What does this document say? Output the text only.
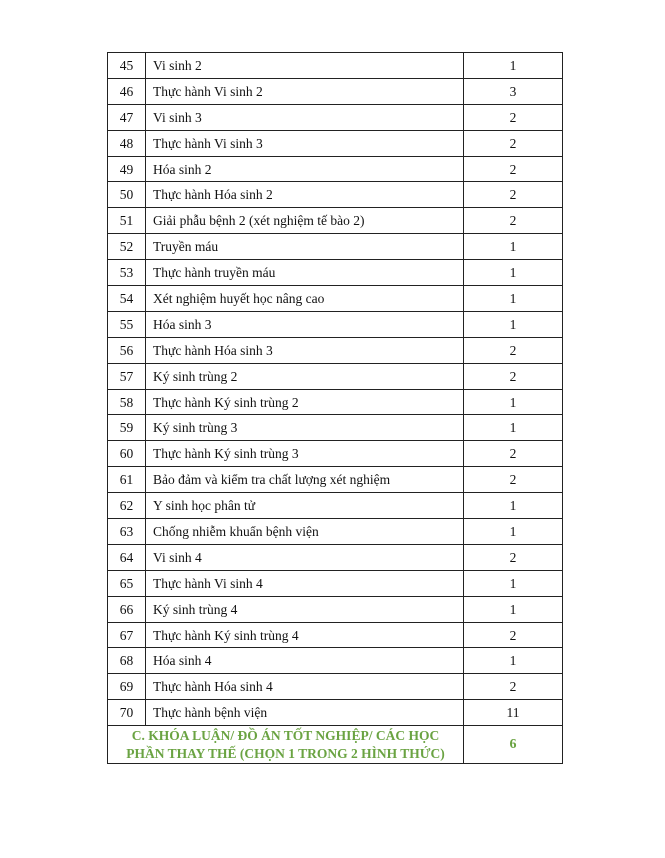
45	Vi sinh 2	1
46	Thực hành Vi sinh 2	3
47	Vi sinh 3	2
48	Thực hành Vi sinh 3	2
49	Hóa sinh 2	2
50	Thực hành Hóa sinh 2	2
51	Giải phẫu bệnh 2 (xét nghiệm tế bào 2)	2
52	Truyền máu	1
53	Thực hành truyền máu	1
54	Xét nghiệm huyết học nâng cao	1
55	Hóa sinh 3	1
56	Thực hành Hóa sinh 3	2
57	Ký sinh trùng 2	2
58	Thực hành Ký sinh trùng 2	1
59	Ký sinh trùng 3	1
60	Thực hành Ký sinh trùng 3	2
61	Bảo đảm và kiểm tra chất lượng xét nghiệm	2
62	Y sinh học phân tử	1
63	Chống nhiễm khuẩn bệnh viện	1
64	Vi sinh 4	2
65	Thực hành Vi sinh 4	1
66	Ký sinh trùng 4	1
67	Thực hành Ký sinh trùng 4	2
68	Hóa sinh 4	1
69	Thực hành Hóa sinh 4	2
70	Thực hành bệnh viện	11
C. KHÓA LUẬN/ ĐỒ ÁN TỐT NGHIỆP/ CÁC HỌC PHẦN THAY THẾ (CHỌN 1 TRONG 2 HÌNH THỨC)		6
